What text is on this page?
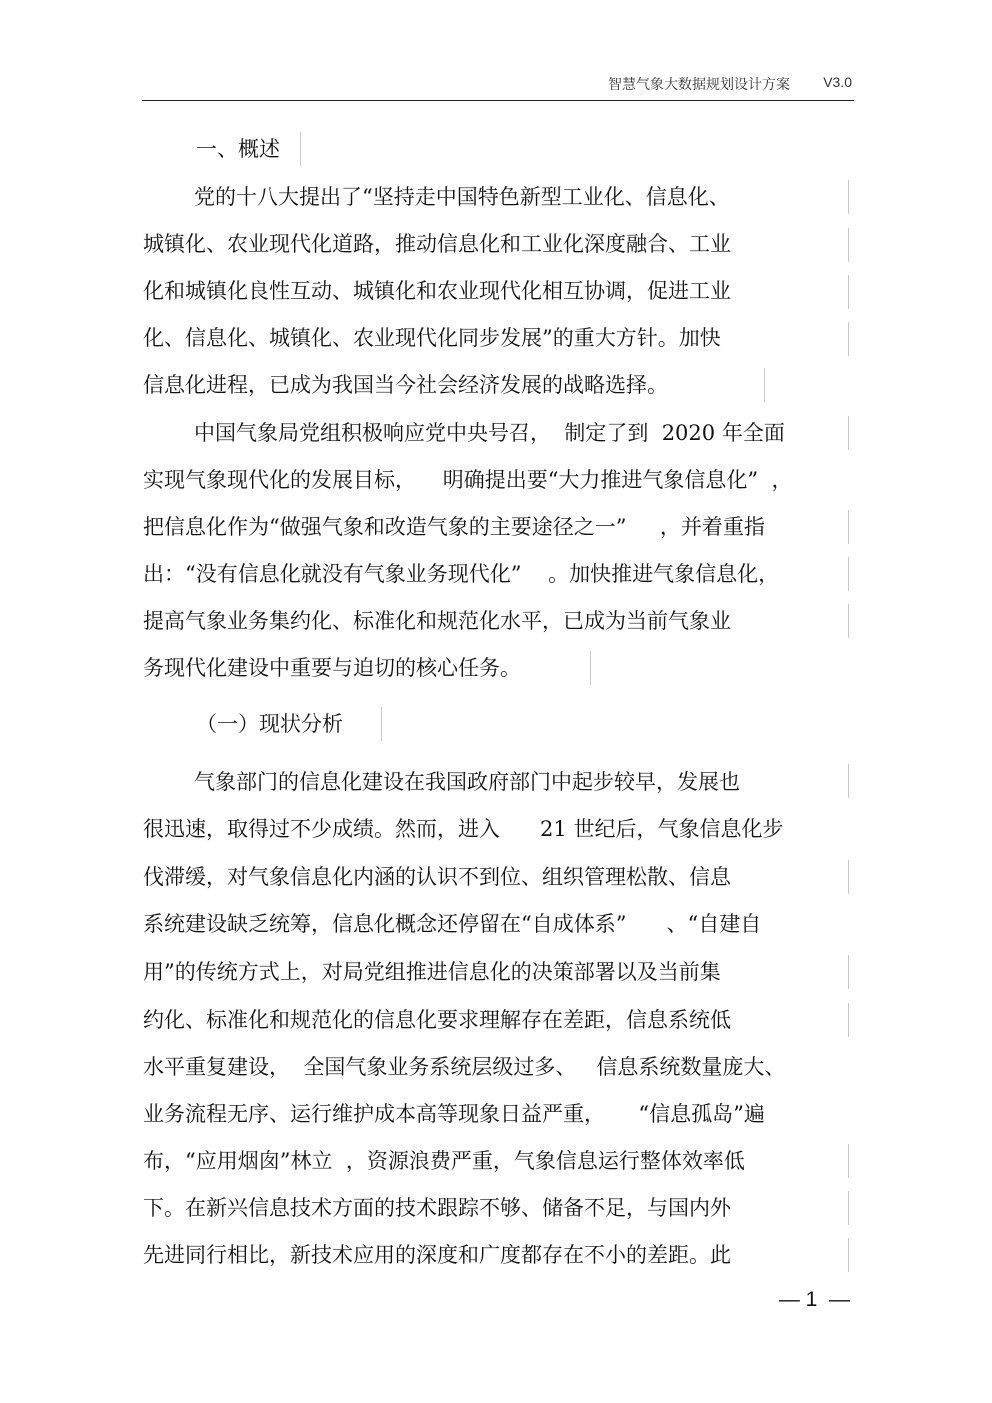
智慧气象大数据规划设计方案 V3.0
一、概述
党的十八大提出了“坚持走中国特色新型工业化、信息化、
城镇化、农业现代化道路，推动信息化和工业化深度融合、工业
化和城镇化良性互动、城镇化和农业现代化相互协调，促进工业
化、信息化、城镇化、农业现代化同步发展”的重大方针。加快
信息化进程，已成为我国当今社会经济发展的战略选择。
中国气象局党组积极响应党中央号召，  制定了到  2020 年全面
实现气象现代化的发展目标，    明确提出要“大力推进气象信息化”  ，
把信息化作为“做强气象和改造气象的主要途径之一”     ，并着重指
出：“没有信息化就没有气象业务现代化”    。加快推进气象信息化，
提高气象业务集约化、标准化和规范化水平，已成为当前气象业
务现代化建设中重要与迫切的核心任务。
（一）现状分析
气象部门的信息化建设在我国政府部门中起步较早，发展也
很迅速，取得过不少成绩。然而，进入      21 世纪后，气象信息化步
伐滞缓，对气象信息化内涵的认识不到位、组织管理松散、信息
系统建设缺乏统筹，信息化概念还停留在“自成体系”      、“自建自
用”的传统方式上，对局党组推进信息化的决策部署以及当前集
约化、标准化和规范化的信息化要求理解存在差距，信息系统低
水平重复建设，  全国气象业务系统层级过多、   信息系统数量庞大、
业务流程无序、运行维护成本高等现象日益严重，     “信息孤岛”遍
布，“应用烟囱”林立  ，资源浪费严重，气象信息运行整体效率低
下。在新兴信息技术方面的技术跟踪不够、储备不足，与国内外
先进同行相比，新技术应用的深度和广度都存在不小的差距。此
— 1  —
